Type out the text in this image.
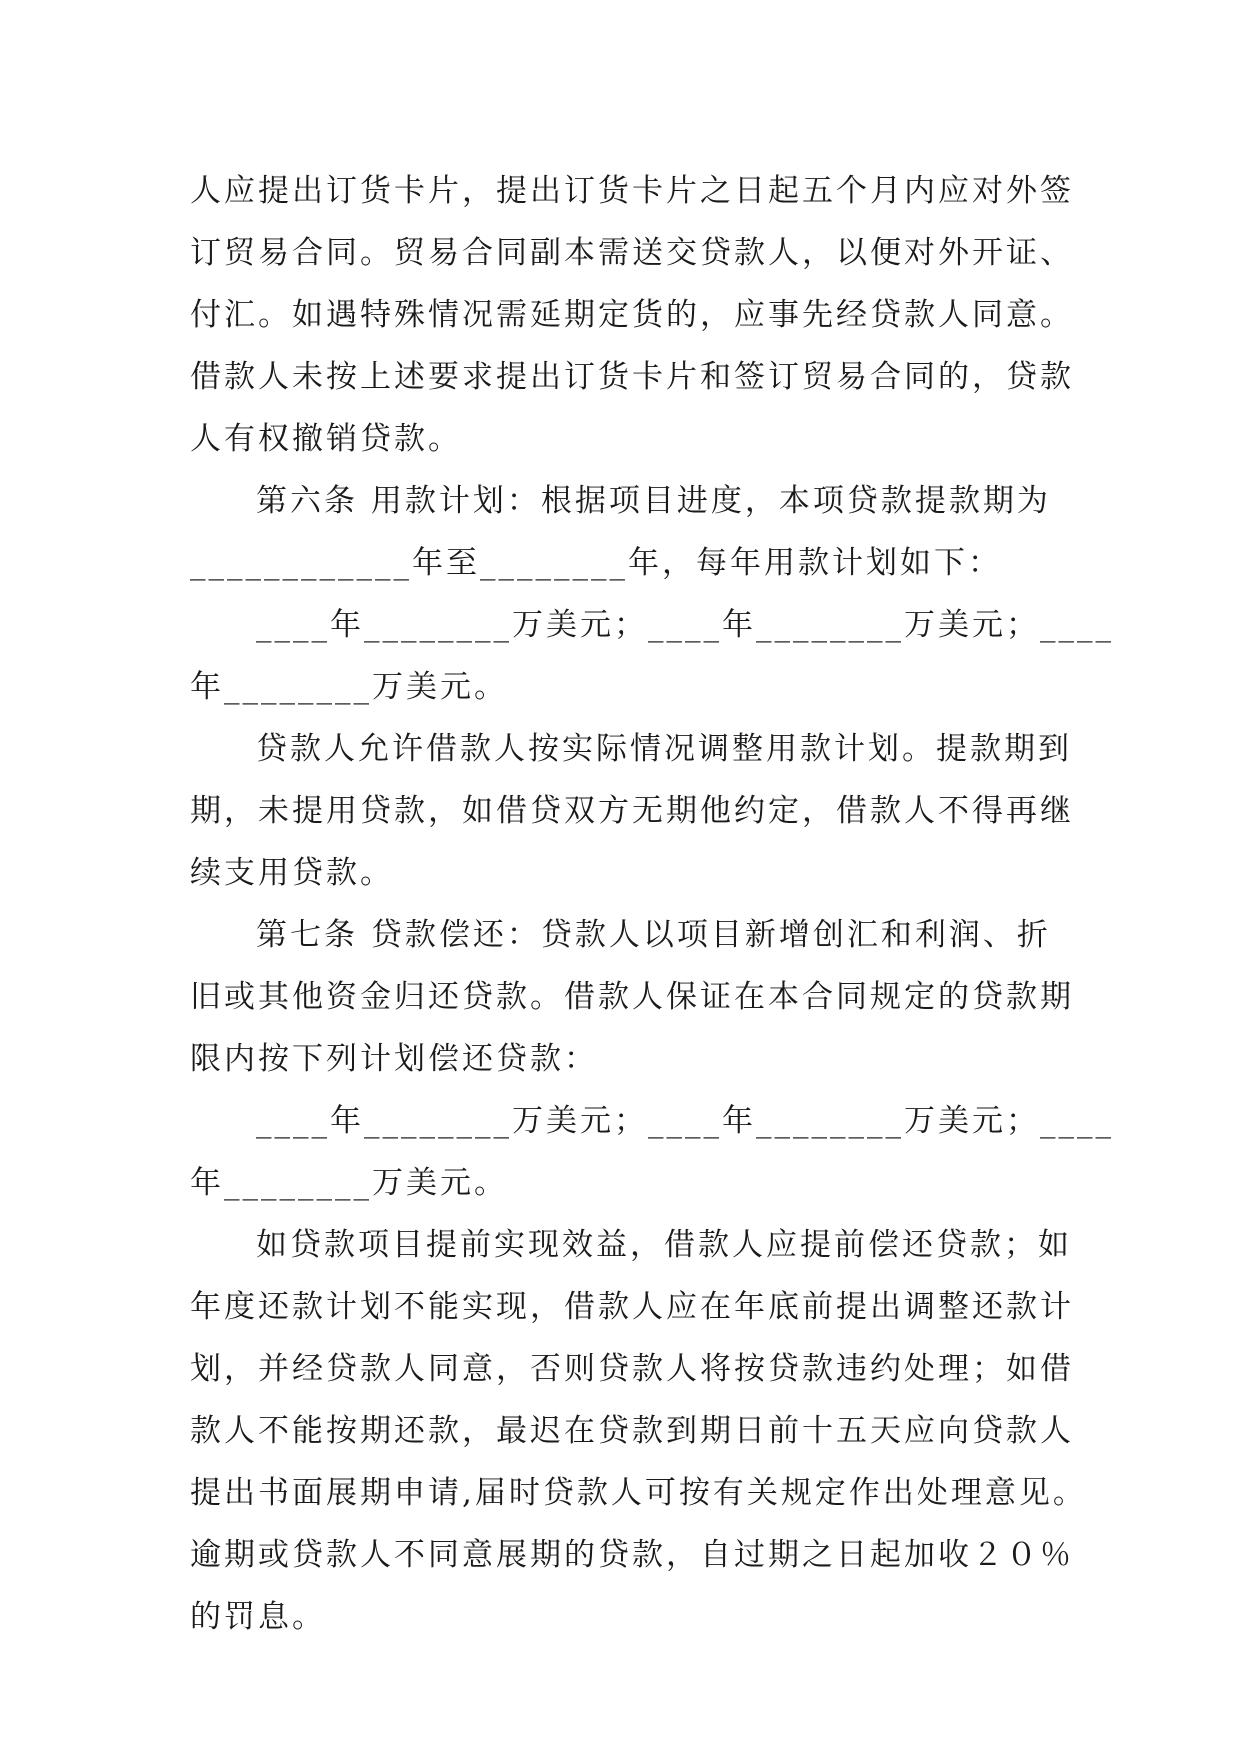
人应提出订货卡片，提出订货卡片之日起五个月内应对外签
订贸易合同。贸易合同副本需送交贷款人，以便对外开证、
付汇。如遇特殊情况需延期定货的，应事先经贷款人同意。
借款人未按上述要求提出订货卡片和签订贸易合同的，贷款
人有权撤销贷款。
第六条 用款计划：根据项目进度，本项贷款提款期为
____________年至________年，每年用款计划如下：
____年________万美元；____年________万美元；____
年________万美元。
贷款人允许借款人按实际情况调整用款计划。提款期到
期，未提用贷款，如借贷双方无期他约定，借款人不得再继
续支用贷款。
第七条 贷款偿还：贷款人以项目新增创汇和利润、折
旧或其他资金归还贷款。借款人保证在本合同规定的贷款期
限内按下列计划偿还贷款：
____年________万美元；____年________万美元；____
年________万美元。
如贷款项目提前实现效益，借款人应提前偿还贷款；如
年度还款计划不能实现，借款人应在年底前提出调整还款计
划，并经贷款人同意，否则贷款人将按贷款违约处理；如借
款人不能按期还款，最迟在贷款到期日前十五天应向贷款人
提出书面展期申请,届时贷款人可按有关规定作出处理意见。
逾期或贷款人不同意展期的贷款，自过期之日起加收２０％
的罚息。
